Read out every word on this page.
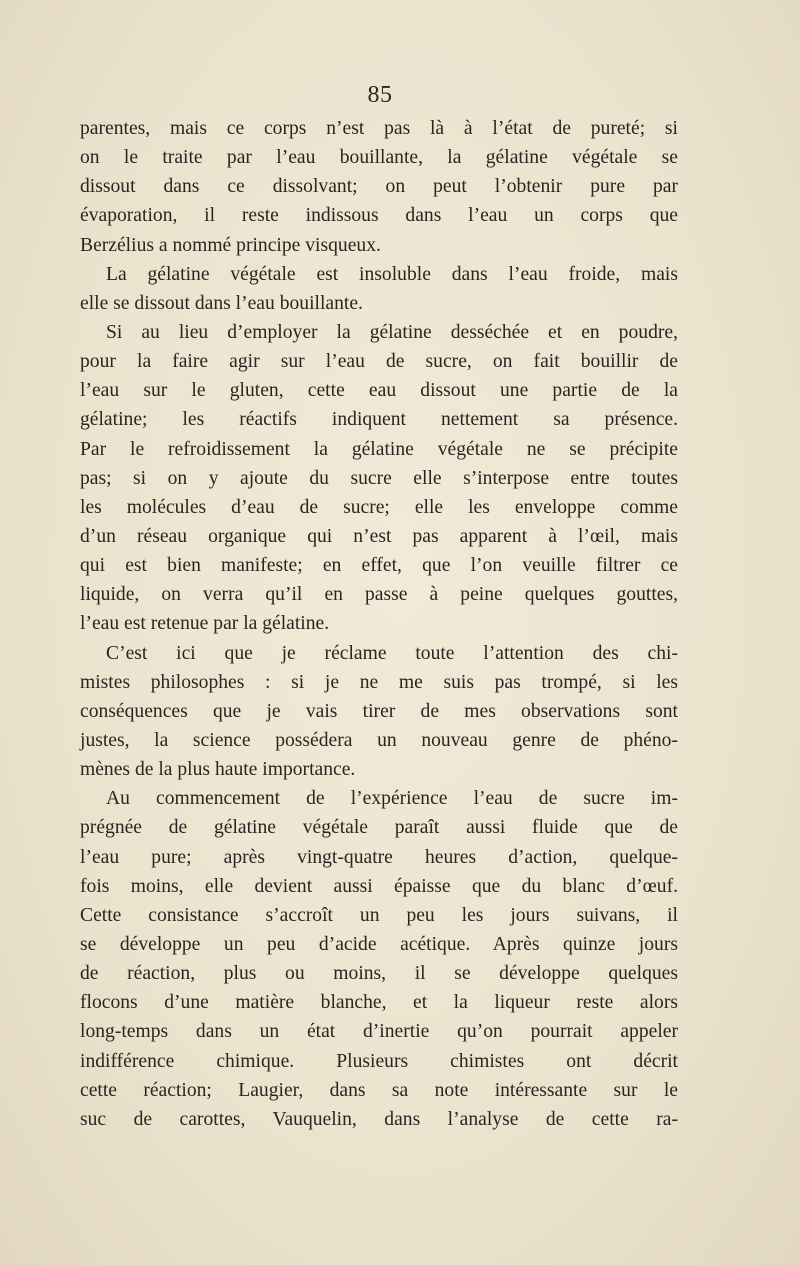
85
parentes, mais ce corps n’est pas là à l’état de pureté; si
on le traite par l’eau bouillante, la gélatine végétale se
dissout dans ce dissolvant; on peut l’obtenir pure par
évaporation, il reste indissous dans l’eau un corps que
Berzélius a nommé principe visqueux.
La gélatine végétale est insoluble dans l’eau froide, mais
elle se dissout dans l’eau bouillante.
Si au lieu d’employer la gélatine desséchée et en poudre,
pour la faire agir sur l’eau de sucre, on fait bouillir de
l’eau sur le gluten, cette eau dissout une partie de la
gélatine; les réactifs indiquent nettement sa présence.
Par le refroidissement la gélatine végétale ne se précipite
pas; si on y ajoute du sucre elle s’interpose entre toutes
les molécules d’eau de sucre; elle les enveloppe comme
d’un réseau organique qui n’est pas apparent à l’œil, mais
qui est bien manifeste; en effet, que l’on veuille filtrer ce
liquide, on verra qu’il en passe à peine quelques gouttes,
l’eau est retenue par la gélatine.
C’est ici que je réclame toute l’attention des chi-
mistes philosophes : si je ne me suis pas trompé, si les
conséquences que je vais tirer de mes observations sont
justes, la science possédera un nouveau genre de phéno-
mènes de la plus haute importance.
Au commencement de l’expérience l’eau de sucre im-
prégnée de gélatine végétale paraît aussi fluide que de
l’eau pure; après vingt-quatre heures d’action, quelque-
fois moins, elle devient aussi épaisse que du blanc d’œuf.
Cette consistance s’accroît un peu les jours suivans, il
se développe un peu d’acide acétique. Après quinze jours
de réaction, plus ou moins, il se développe quelques
flocons d’une matière blanche, et la liqueur reste alors
long-temps dans un état d’inertie qu’on pourrait appeler
indifférence chimique. Plusieurs chimistes ont décrit
cette réaction; Laugier, dans sa note intéressante sur le
suc de carottes, Vauquelin, dans l’analyse de cette ra-
